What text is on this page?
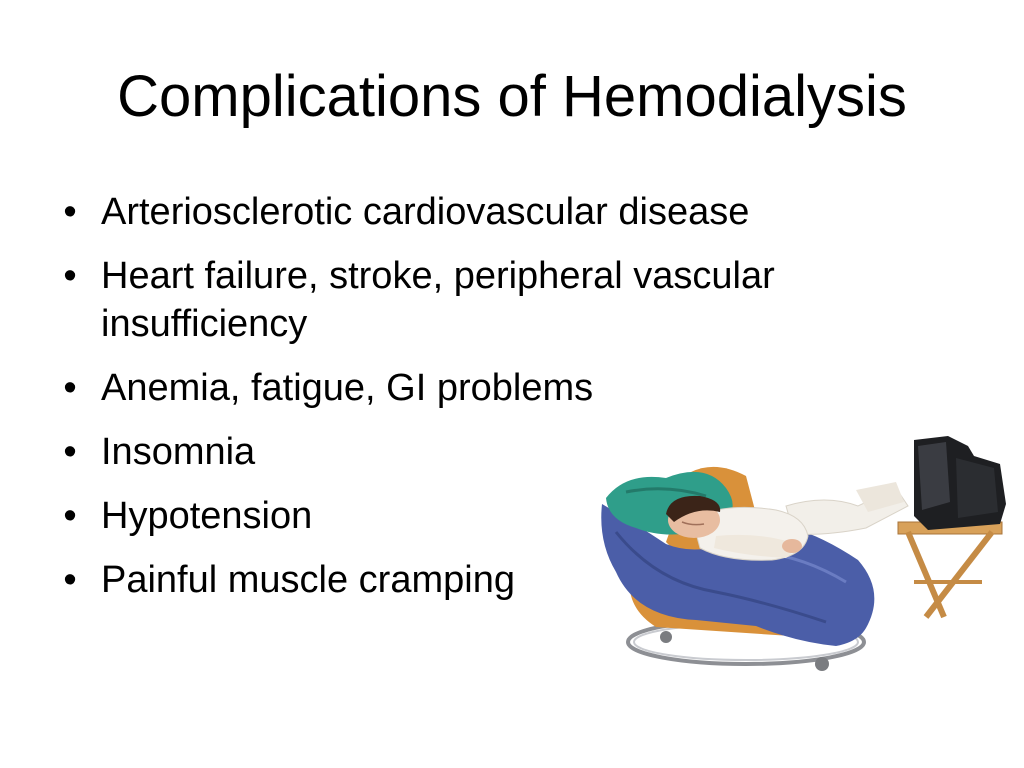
Complications of Hemodialysis
• Arteriosclerotic cardiovascular disease
• Heart failure, stroke, peripheral vascular insufficiency
• Anemia, fatigue, GI problems
• Insomnia
• Hypotension
• Painful muscle cramping
